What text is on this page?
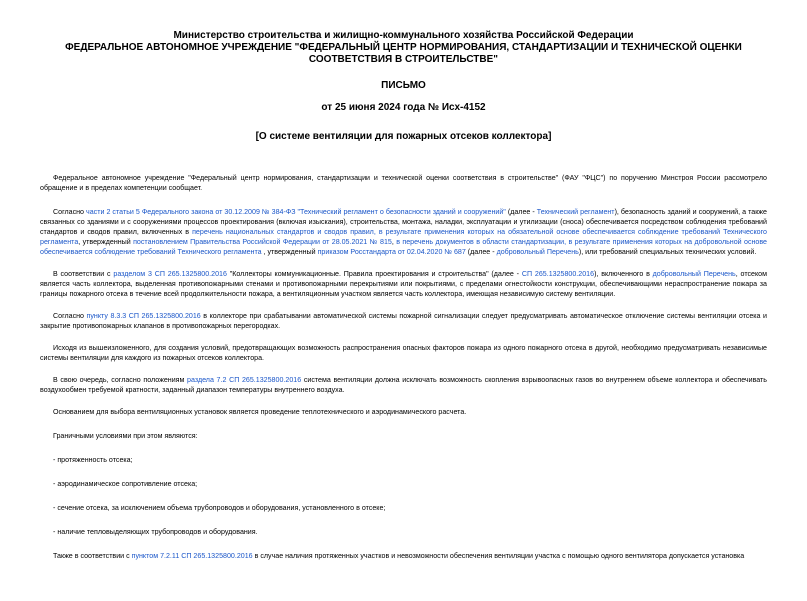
Министерство строительства и жилищно-коммунального хозяйства Российской Федерации
ФЕДЕРАЛЬНОЕ АВТОНОМНОЕ УЧРЕЖДЕНИЕ "ФЕДЕРАЛЬНЫЙ ЦЕНТР НОРМИРОВАНИЯ, СТАНДАРТИЗАЦИИ И ТЕХНИЧЕСКОЙ ОЦЕНКИ СООТВЕТСТВИЯ В СТРОИТЕЛЬСТВЕ"
ПИСЬМО
от 25 июня 2024 года № Исх-4152
[О системе вентиляции для пожарных отсеков коллектора]

Федеральное автономное учреждение "Федеральный центр нормирования, стандартизации и технической оценки соответствия в строительстве" (ФАУ "ФЦС") по поручению Минстроя России рассмотрело обращение и в пределах компетенции сообщает.

Согласно части 2 статьи 5 Федерального закона от 30.12.2009 № 384-ФЗ "Технический регламент о безопасности зданий и сооружений" (далее - Технический регламент), безопасность зданий и сооружений, а также связанных со зданиями и с сооружениями процессов проектирования (включая изыскания), строительства, монтажа, наладки, эксплуатации и утилизации (сноса) обеспечивается посредством соблюдения требований стандартов и сводов правил, включенных в перечень национальных стандартов и сводов правил, в результате применения которых на обязательной основе обеспечивается соблюдение требований Технического регламента, утвержденный постановлением Правительства Российской Федерации от 28.05.2021 № 815, в перечень документов в области стандартизации, в результате применения которых на добровольной основе обеспечивается соблюдение требований Технического регламента , утвержденный приказом Росстандарта от 02.04.2020 № 687 (далее - добровольный Перечень), или требований специальных технических условий.

В соответствии с разделом 3 СП 265.1325800.2016 "Коллекторы коммуникационные. Правила проектирования и строительства" (далее - СП 265.1325800.2016), включенного в добровольный Перечень, отсеком является часть коллектора, выделенная противопожарными стенами и противопожарными перекрытиями или покрытиями, с пределами огнестойкости конструкции, обеспечивающими нераспространение пожара за границы пожарного отсека в течение всей продолжительности пожара, а вентиляционным участком является часть коллектора, имеющая независимую систему вентиляции.

Согласно пункту 8.3.3 СП 265.1325800.2016 в коллекторе при срабатывании автоматической системы пожарной сигнализации следует предусматривать автоматическое отключение системы вентиляции отсека и закрытие противопожарных клапанов в противопожарных перегородках.

Исходя из вышеизложенного, для создания условий, предотвращающих возможность распространения опасных факторов пожара из одного пожарного отсека в другой, необходимо предусматривать независимые системы вентиляции для каждого из пожарных отсеков коллектора.

В свою очередь, согласно положениям раздела 7.2 СП 265.1325800.2016 система вентиляции должна исключать возможность скопления взрывоопасных газов во внутреннем объеме коллектора и обеспечивать воздухообмен требуемой кратности, заданный диапазон температуры внутреннего воздуха.

Основанием для выбора вентиляционных установок является проведение теплотехнического и аэродинамического расчета.

Граничными условиями при этом являются:

- протяженность отсека;

- аэродинамическое сопротивление отсека;

- сечение отсека, за исключением объема трубопроводов и оборудования, установленного в отсеке;

- наличие тепловыделяющих трубопроводов и оборудования.

Также в соответствии с пунктом 7.2.11 СП 265.1325800.2016 в случае наличия протяженных участков и невозможности обеспечения вентиляции участка с помощью одного вентилятора допускается установка
